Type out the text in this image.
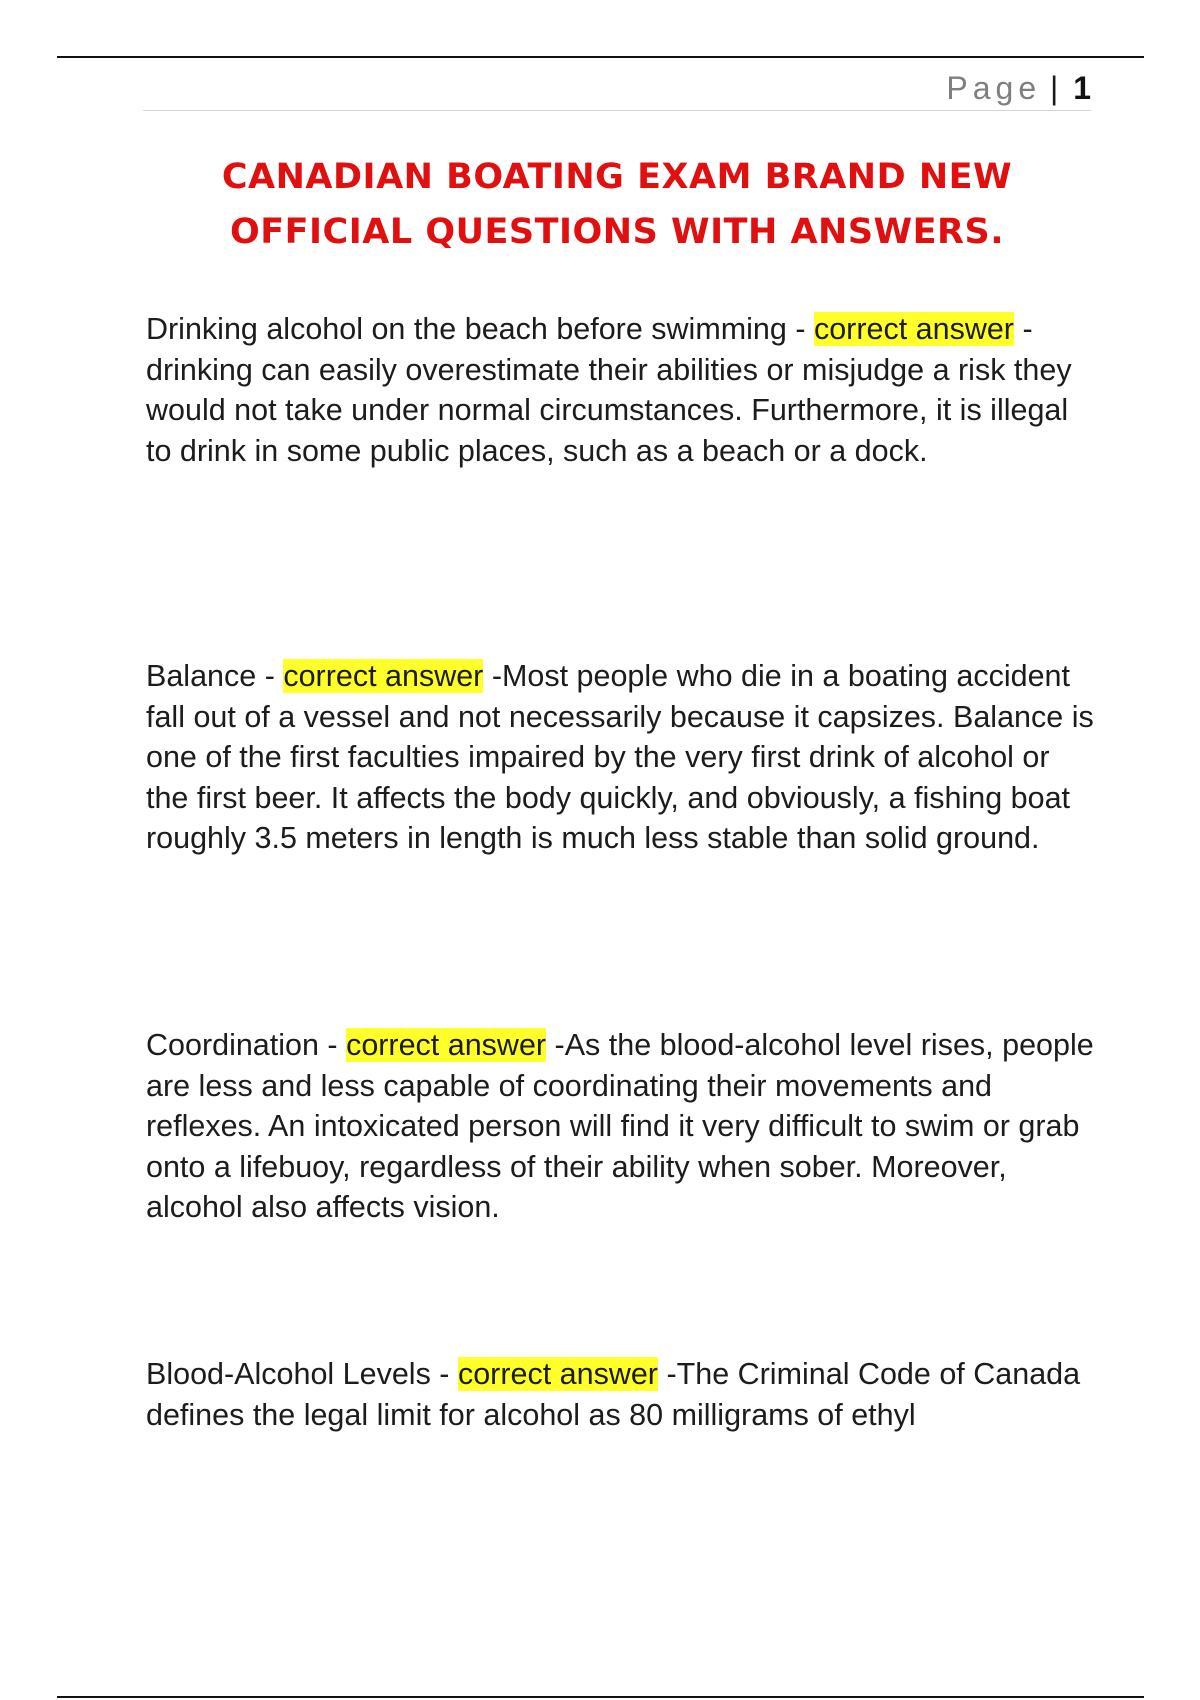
Page | 1
CANADIAN BOATING EXAM BRAND NEW
OFFICIAL QUESTIONS WITH ANSWERS.

Drinking alcohol on the beach before swimming - correct answer -drinking can easily overestimate their abilities or misjudge a risk they would not take under normal circumstances. Furthermore, it is illegal to drink in some public places, such as a beach or a dock.

Balance - correct answer -Most people who die in a boating accident fall out of a vessel and not necessarily because it capsizes. Balance is one of the first faculties impaired by the very first drink of alcohol or the first beer. It affects the body quickly, and obviously, a fishing boat roughly 3.5 meters in length is much less stable than solid ground.

Coordination - correct answer -As the blood-alcohol level rises, people are less and less capable of coordinating their movements and reflexes. An intoxicated person will find it very difficult to swim or grab onto a lifebuoy, regardless of their ability when sober. Moreover, alcohol also affects vision.

Blood-Alcohol Levels - correct answer -The Criminal Code of Canada defines the legal limit for alcohol as 80 milligrams of ethyl
